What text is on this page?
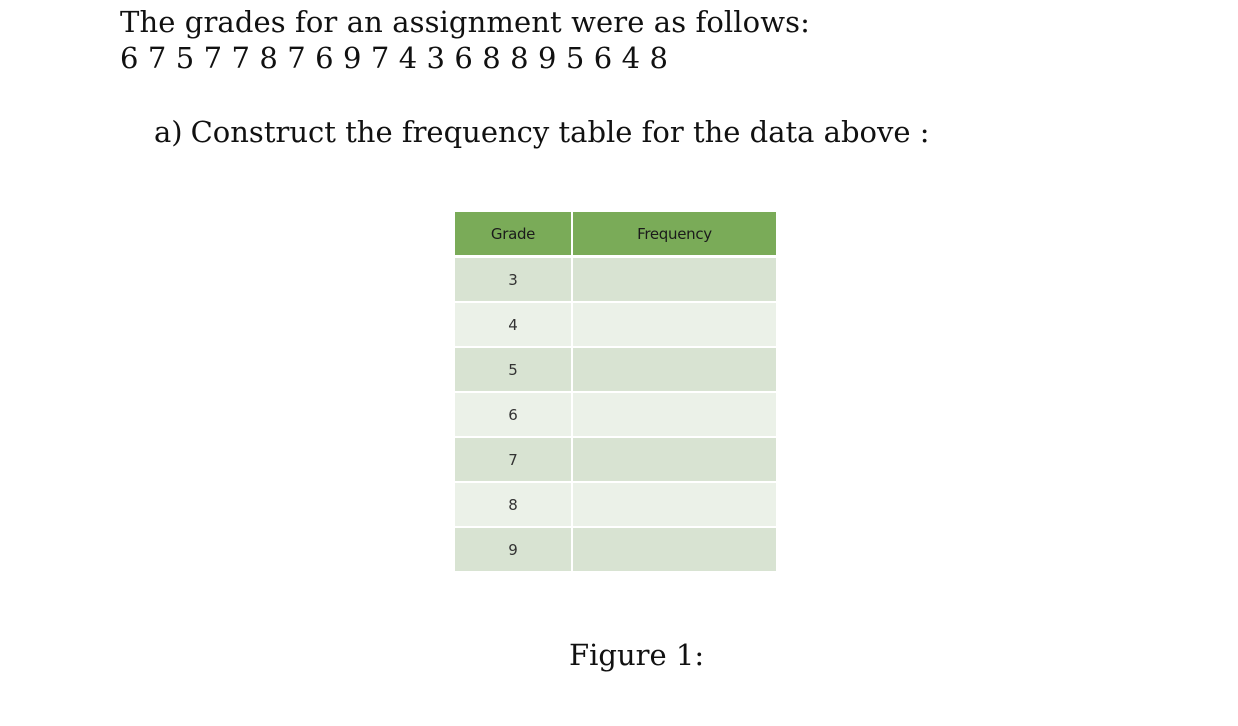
The grades for an assignment were as follows:
6 7 5 7 7 8 7 6 9 7 4 3 6 8 8 9 5 6 4 8
a) Construct the frequency table for the data above :
Grade	Frequency
3	
4	
5	
6	
7	
8	
9	
Figure 1:
